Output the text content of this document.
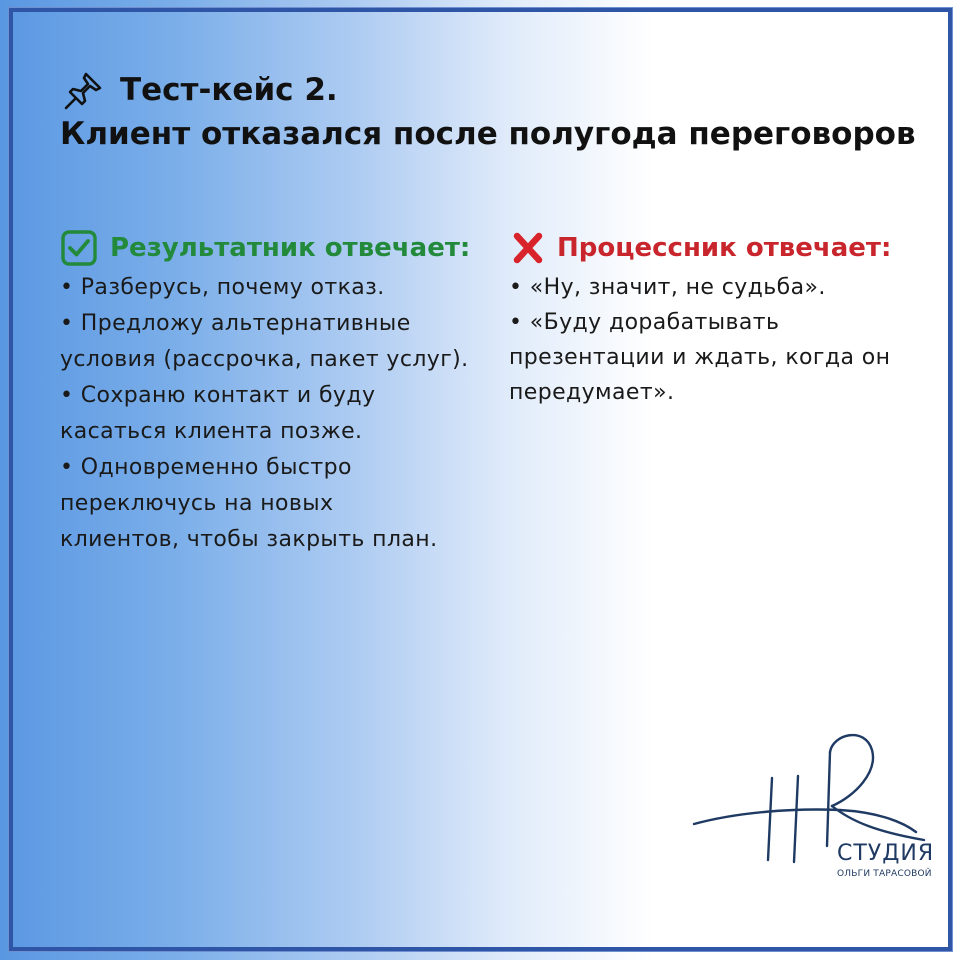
Тест-кейс 2.
Клиент отказался после полугода переговоров
Результатник отвечает:
• Разберусь, почему отказ.
• Предложу альтернативные
условия (рассрочка, пакет услуг).
• Сохраню контакт и буду
касаться клиента позже.
• Одновременно быстро
переключусь на новых
клиентов, чтобы закрыть план.
Процессник отвечает:
• «Ну, значит, не судьба».
• «Буду дорабатывать
презентации и ждать, когда он
передумает».
СТУДИЯ
ОЛЬГИ ТАРАСОВОЙ
